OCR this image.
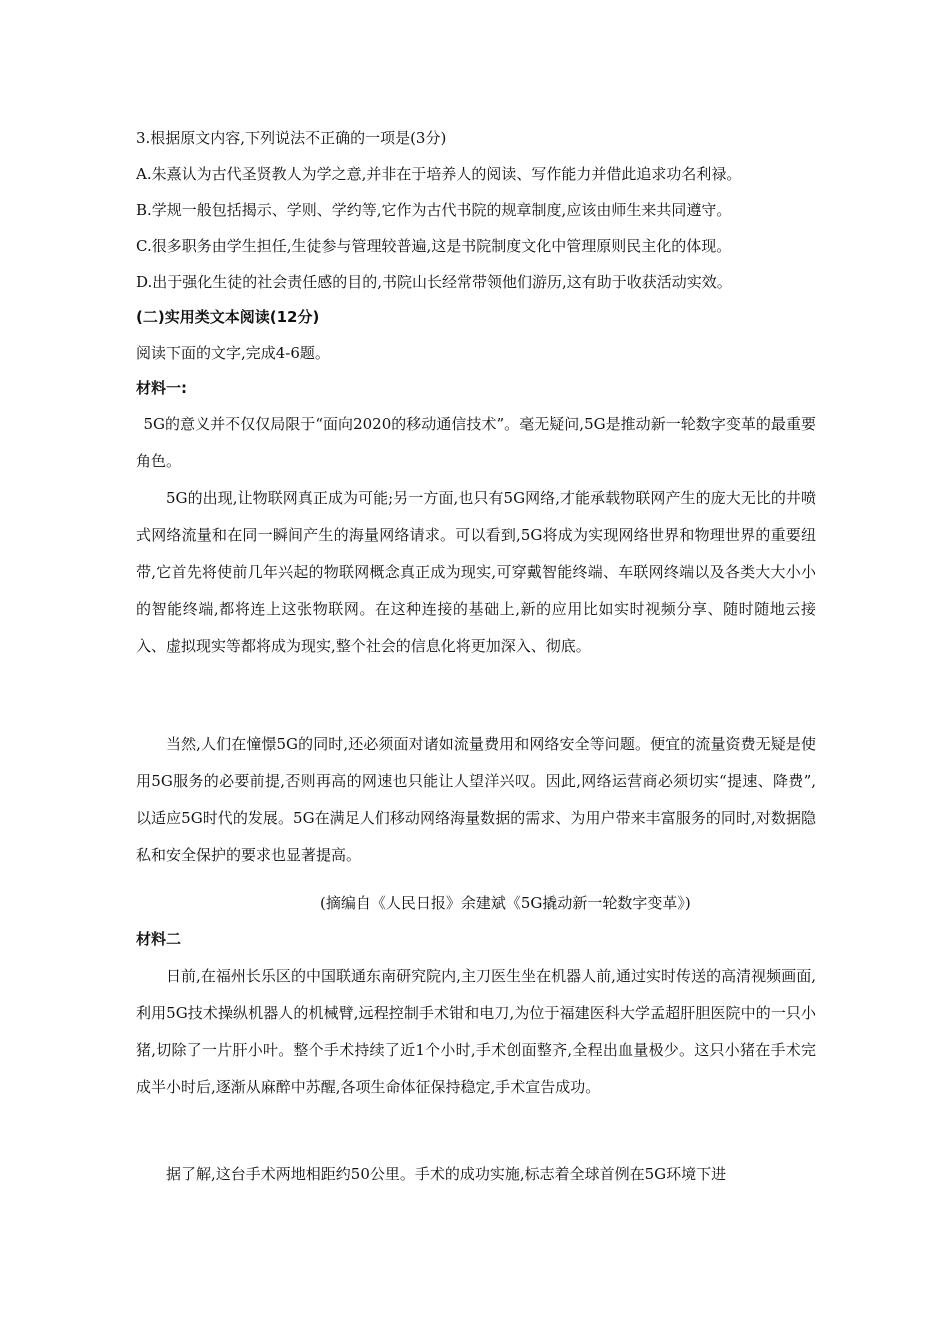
3.根据原文内容,下列说法不正确的一项是(3分)
A.朱熹认为古代圣贤教人为学之意,并非在于培养人的阅读、写作能力并借此追求功名利禄。
B.学规一般包括揭示、学则、学约等,它作为古代书院的规章制度,应该由师生来共同遵守。
C.很多职务由学生担任,生徒参与管理较普遍,这是书院制度文化中管理原则民主化的体现。
D.出于强化生徒的社会责任感的目的,书院山长经常带领他们游历,这有助于收获活动实效。
(二)实用类文本阅读(12分)
阅读下面的文字,完成4-6题。
材料一:
5G的意义并不仅仅局限于“面向2020的移动通信技术”。毫无疑问,5G是推动新一轮数字变革的最重要角色。
5G的出现,让物联网真正成为可能;另一方面,也只有5G网络,才能承载物联网产生的庞大无比的井喷式网络流量和在同一瞬间产生的海量网络请求。可以看到,5G将成为实现网络世界和物理世界的重要纽带,它首先将使前几年兴起的物联网概念真正成为现实,可穿戴智能终端、车联网终端以及各类大大小小的智能终端,都将连上这张物联网。在这种连接的基础上,新的应用比如实时视频分享、随时随地云接入、虚拟现实等都将成为现实,整个社会的信息化将更加深入、彻底。
当然,人们在憧憬5G的同时,还必须面对诸如流量费用和网络安全等问题。便宜的流量资费无疑是使用5G服务的必要前提,否则再高的网速也只能让人望洋兴叹。因此,网络运营商必须切实“提速、降费”,以适应5G时代的发展。5G在满足人们移动网络海量数据的需求、为用户带来丰富服务的同时,对数据隐私和安全保护的要求也显著提高。
(摘编自《人民日报》余建斌《5G撬动新一轮数字变革》)
材料二
日前,在福州长乐区的中国联通东南研究院内,主刀医生坐在机器人前,通过实时传送的高清视频画面,利用5G技术操纵机器人的机械臂,远程控制手术钳和电刀,为位于福建医科大学孟超肝胆医院中的一只小猪,切除了一片肝小叶。整个手术持续了近1个小时,手术创面整齐,全程出血量极少。这只小猪在手术完成半小时后,逐渐从麻醉中苏醒,各项生命体征保持稳定,手术宣告成功。
据了解,这台手术两地相距约50公里。手术的成功实施,标志着全球首例在5G环境下进
